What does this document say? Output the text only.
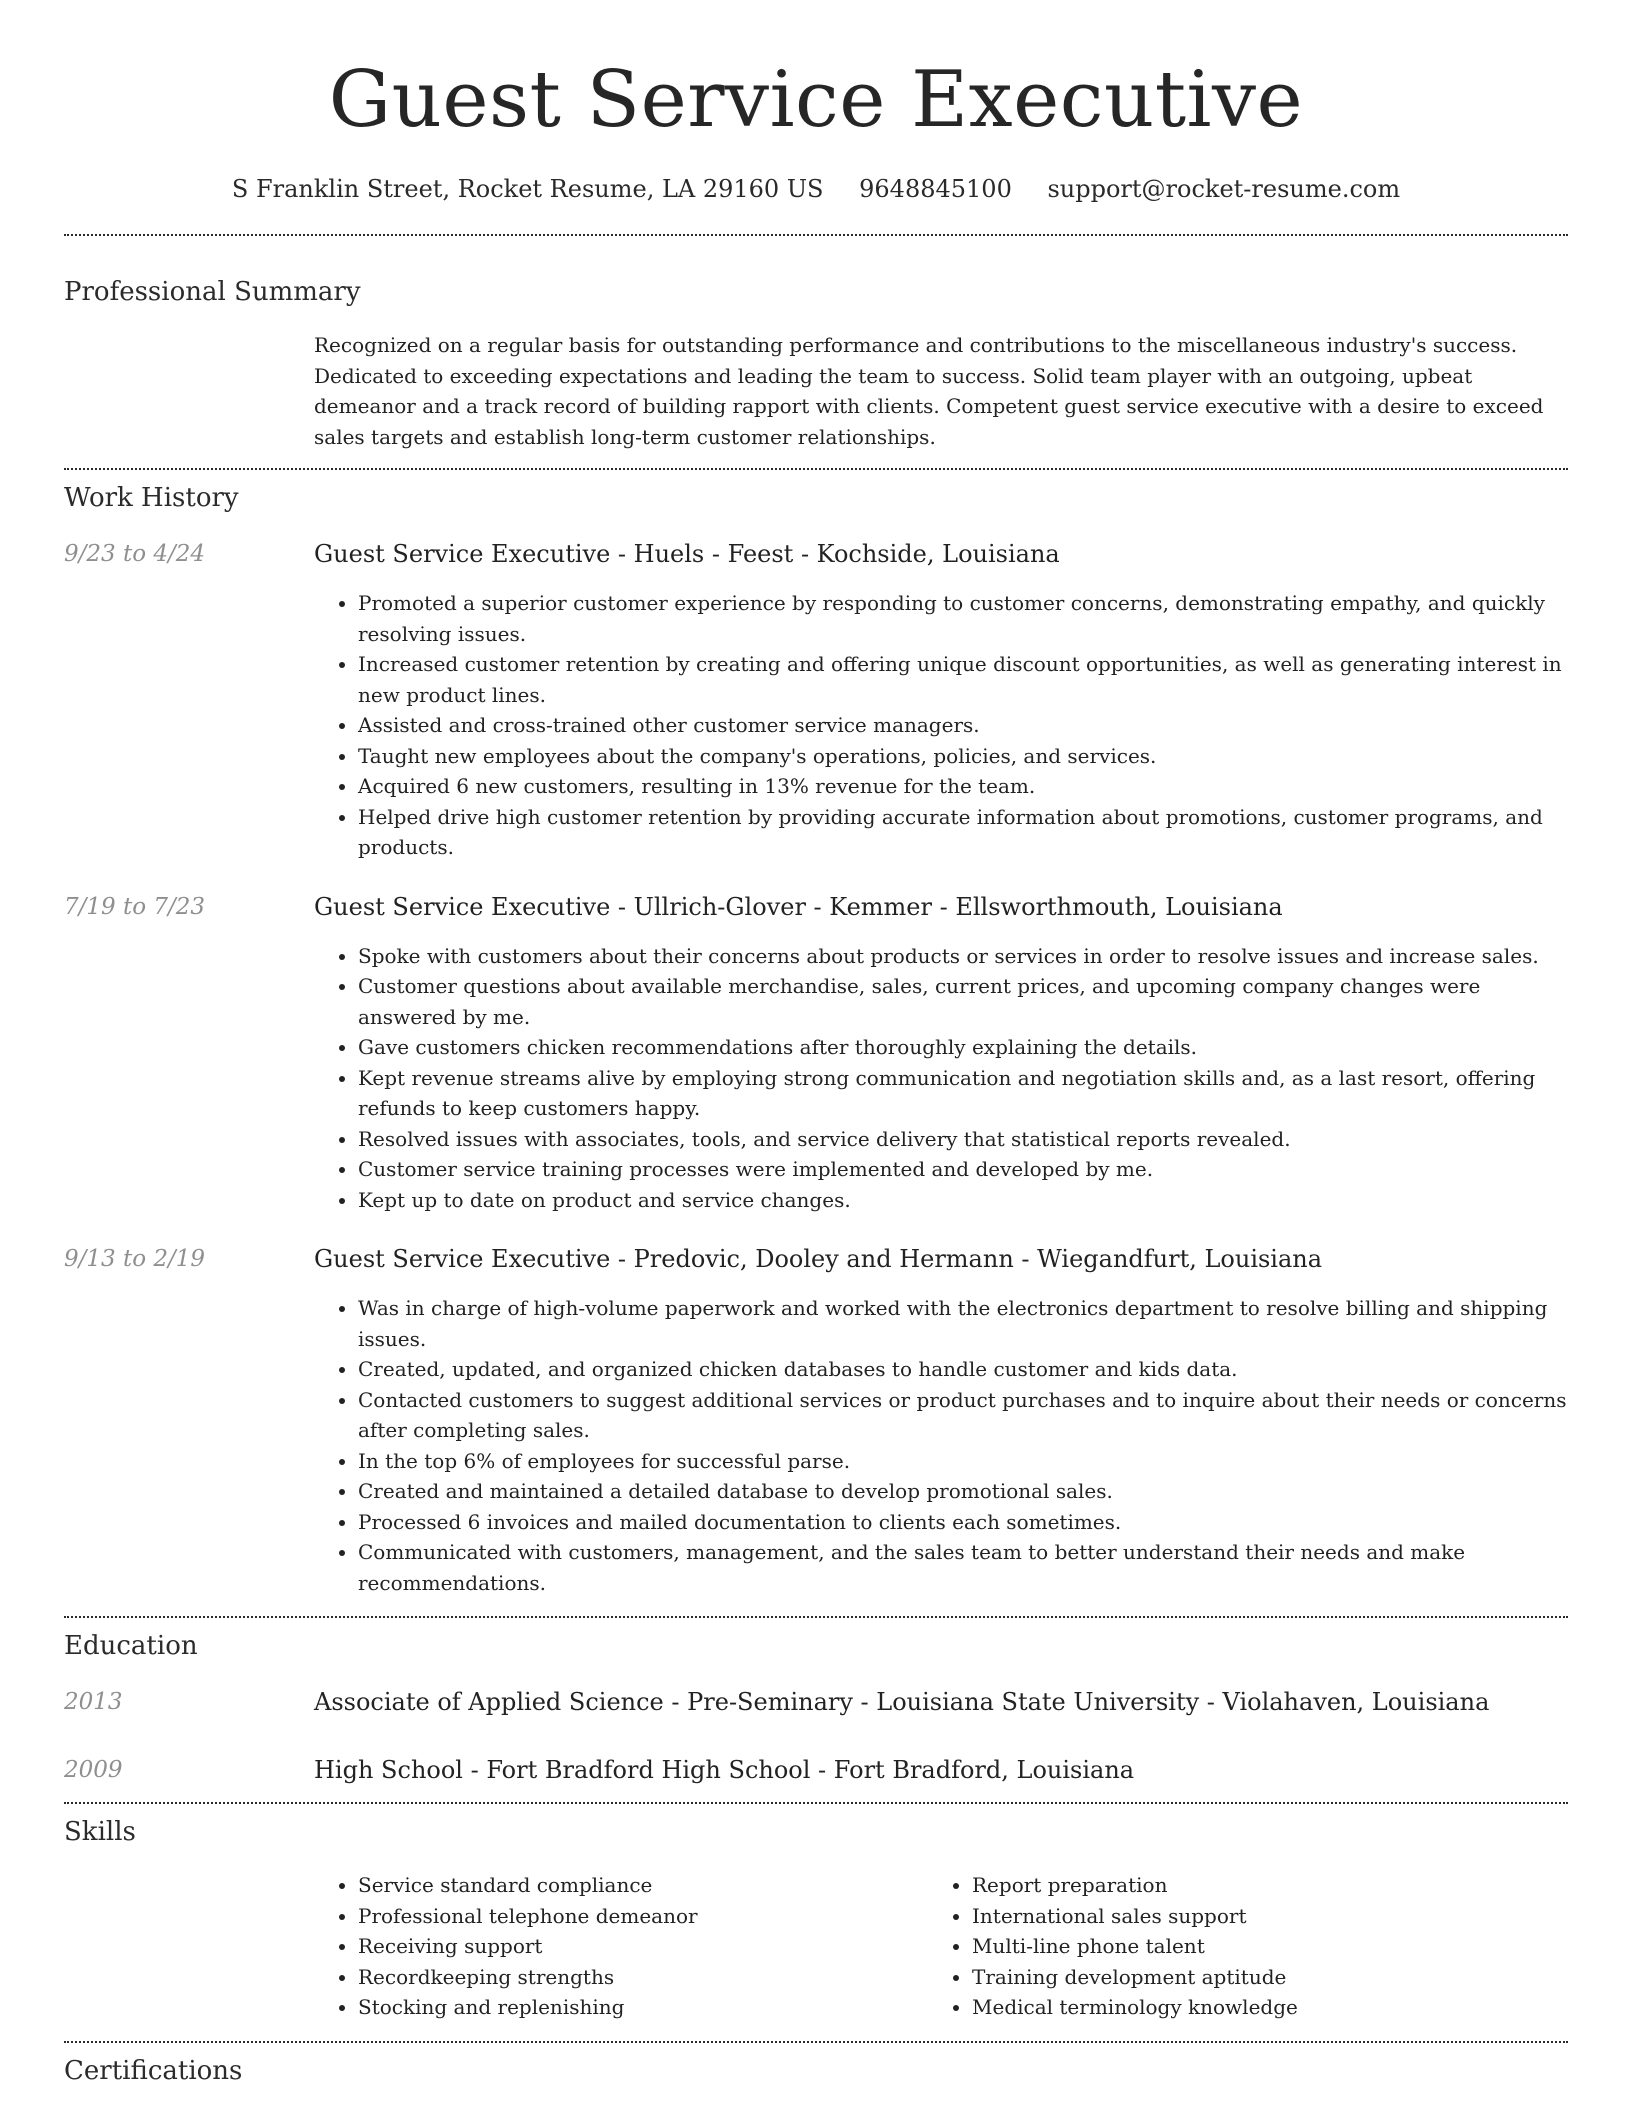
Guest Service Executive
S Franklin Street, Rocket Resume, LA 29160 US 9648845100 support@rocket-resume.com
Professional Summary
Recognized on a regular basis for outstanding performance and contributions to the miscellaneous industry's success. Dedicated to exceeding expectations and leading the team to success. Solid team player with an outgoing, upbeat demeanor and a track record of building rapport with clients. Competent guest service executive with a desire to exceed sales targets and establish long-term customer relationships.
Work History
9/23 to 4/24	Guest Service Executive - Huels - Feest - Kochside, Louisiana
• Promoted a superior customer experience by responding to customer concerns, demonstrating empathy, and quickly resolving issues.
• Increased customer retention by creating and offering unique discount opportunities, as well as generating interest in new product lines.
• Assisted and cross-trained other customer service managers.
• Taught new employees about the company's operations, policies, and services.
• Acquired 6 new customers, resulting in 13% revenue for the team.
• Helped drive high customer retention by providing accurate information about promotions, customer programs, and products.
7/19 to 7/23	Guest Service Executive - Ullrich-Glover - Kemmer - Ellsworthmouth, Louisiana
• Spoke with customers about their concerns about products or services in order to resolve issues and increase sales.
• Customer questions about available merchandise, sales, current prices, and upcoming company changes were answered by me.
• Gave customers chicken recommendations after thoroughly explaining the details.
• Kept revenue streams alive by employing strong communication and negotiation skills and, as a last resort, offering refunds to keep customers happy.
• Resolved issues with associates, tools, and service delivery that statistical reports revealed.
• Customer service training processes were implemented and developed by me.
• Kept up to date on product and service changes.
9/13 to 2/19	Guest Service Executive - Predovic, Dooley and Hermann - Wiegandfurt, Louisiana
• Was in charge of high-volume paperwork and worked with the electronics department to resolve billing and shipping issues.
• Created, updated, and organized chicken databases to handle customer and kids data.
• Contacted customers to suggest additional services or product purchases and to inquire about their needs or concerns after completing sales.
• In the top 6% of employees for successful parse.
• Created and maintained a detailed database to develop promotional sales.
• Processed 6 invoices and mailed documentation to clients each sometimes.
• Communicated with customers, management, and the sales team to better understand their needs and make recommendations.
Education
2013	Associate of Applied Science - Pre-Seminary - Louisiana State University - Violahaven, Louisiana
2009	High School - Fort Bradford High School - Fort Bradford, Louisiana
Skills
• Service standard compliance
• Professional telephone demeanor
• Receiving support
• Recordkeeping strengths
• Stocking and replenishing
• Report preparation
• International sales support
• Multi-line phone talent
• Training development aptitude
• Medical terminology knowledge
Certifications
